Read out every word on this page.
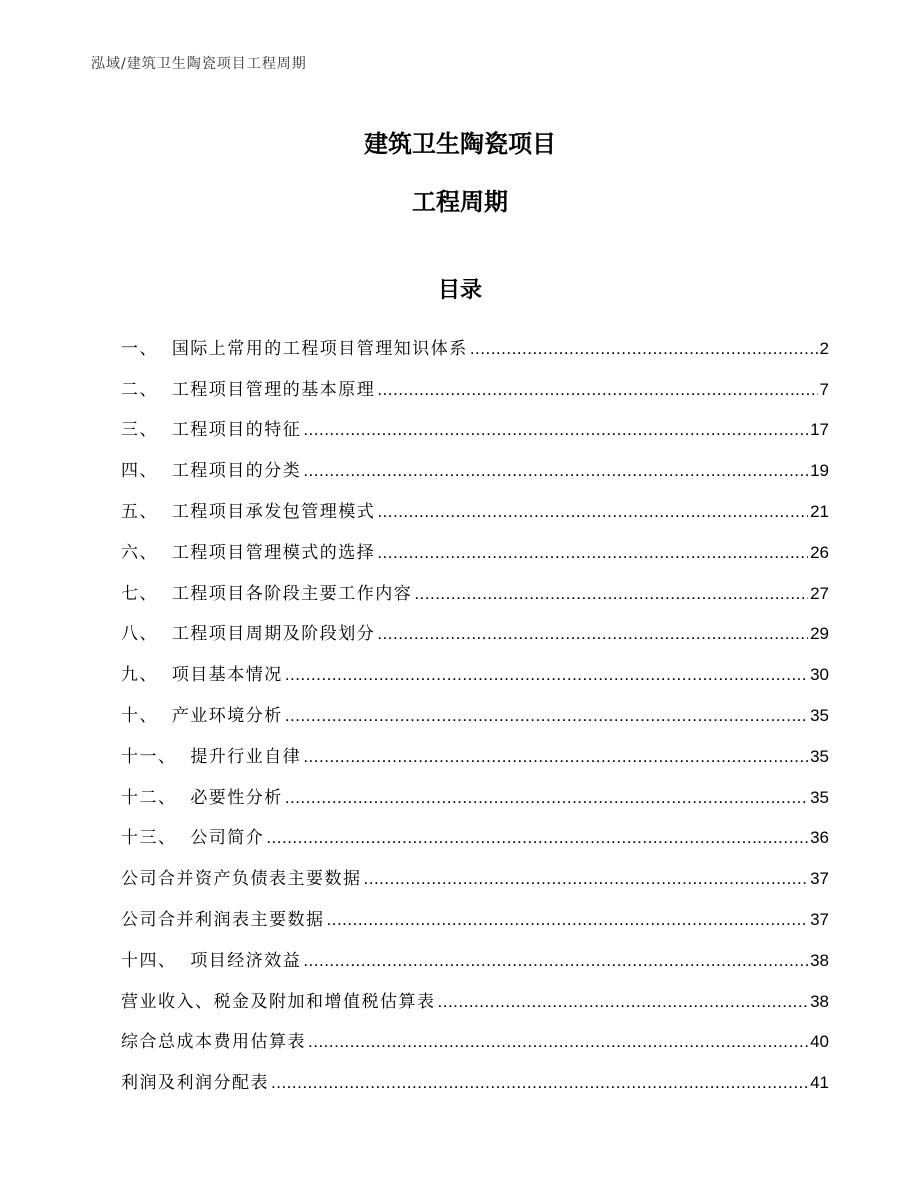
泓域/建筑卫生陶瓷项目工程周期
建筑卫生陶瓷项目
工程周期
目录
一、 国际上常用的工程项目管理知识体系 .....	2
二、 工程项目管理的基本原理 .....	7
三、 工程项目的特征 .....	17
四、 工程项目的分类 .....	19
五、 工程项目承发包管理模式 .....	21
六、 工程项目管理模式的选择 .....	26
七、 工程项目各阶段主要工作内容 .....	27
八、 工程项目周期及阶段划分 .....	29
九、 项目基本情况 .....	30
十、 产业环境分析 .....	35
十一、 提升行业自律 .....	35
十二、 必要性分析 .....	35
十三、 公司简介 .....	36
公司合并资产负债表主要数据 .....	37
公司合并利润表主要数据 .....	37
十四、 项目经济效益 .....	38
营业收入、税金及附加和增值税估算表 .....	38
综合总成本费用估算表 .....	40
利润及利润分配表 .....	41
